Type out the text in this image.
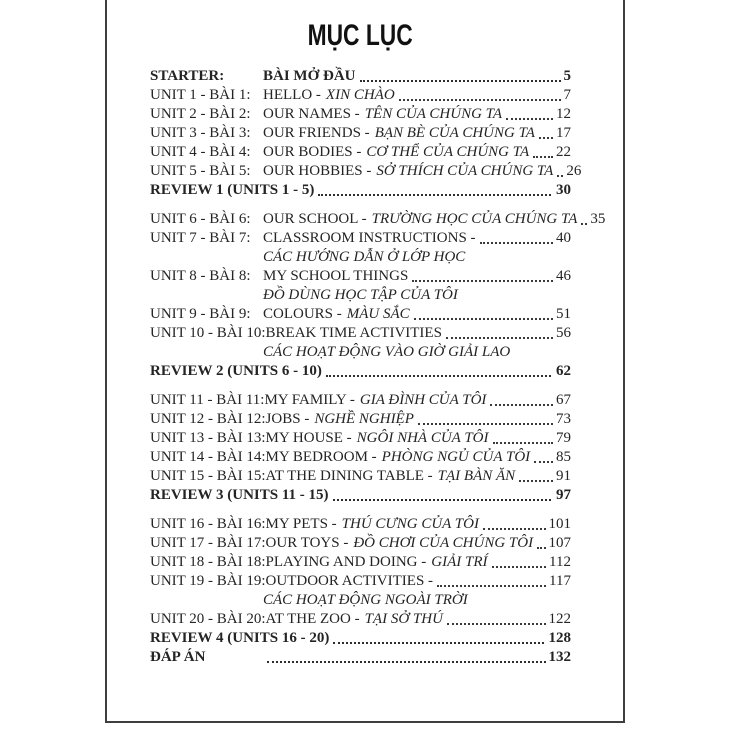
MỤC LỤC
STARTER:	BÀI MỞ ĐẦU	5
UNIT 1 - BÀI 1: HELLO - XIN CHÀO	7
UNIT 2 - BÀI 2: OUR NAMES - TÊN CỦA CHÚNG TA	12
UNIT 3 - BÀI 3: OUR FRIENDS - BẠN BÈ CỦA CHÚNG TA 17
UNIT 4 - BÀI 4: OUR BODIES - CƠ THỂ CỦA CHÚNG TA 22
UNIT 5 - BÀI 5: OUR HOBBIES - SỞ THÍCH CỦA CHÚNG TA 26
REVIEW 1 (UNITS 1 - 5)	30
UNIT 6 - BÀI 6: OUR SCHOOL - TRƯỜNG HỌC CỦA CHÚNG TA 35
UNIT 7 - BÀI 7: CLASSROOM INSTRUCTIONS -	40
CÁC HƯỚNG DẪN Ở LỚP HỌC
UNIT 8 - BÀI 8: MY SCHOOL THINGS	46
ĐỒ DÙNG HỌC TẬP CỦA TÔI
UNIT 9 - BÀI 9: COLOURS - MÀU SẮC	51
UNIT 10 - BÀI 10: BREAK TIME ACTIVITIES	56
CÁC HOẠT ĐỘNG VÀO GIỜ GIẢI LAO
REVIEW 2 (UNITS 6 - 10)	62
UNIT 11 - BÀI 11: MY FAMILY - GIA ĐÌNH CỦA TÔI	67
UNIT 12 - BÀI 12: JOBS - NGHỀ NGHIỆP	73
UNIT 13 - BÀI 13: MY HOUSE - NGÔI NHÀ CỦA TÔI	79
UNIT 14 - BÀI 14: MY BEDROOM - PHÒNG NGỦ CỦA TÔI 85
UNIT 15 - BÀI 15: AT THE DINING TABLE - TẠI BÀN ĂN	91
REVIEW 3 (UNITS 11 - 15)	97
UNIT 16 - BÀI 16: MY PETS - THÚ CƯNG CỦA TÔI	101
UNIT 17 - BÀI 17: OUR TOYS - ĐỒ CHƠI CỦA CHÚNG TÔI 107
UNIT 18 - BÀI 18: PLAYING AND DOING - GIẢI TRÍ	112
UNIT 19 - BÀI 19: OUTDOOR ACTIVITIES -	117
CÁC HOẠT ĐỘNG NGOÀI TRỜI
UNIT 20 - BÀI 20: AT THE ZOO - TẠI SỞ THÚ	122
REVIEW 4 (UNITS 16 - 20)	128
ĐÁP ÁN	132
